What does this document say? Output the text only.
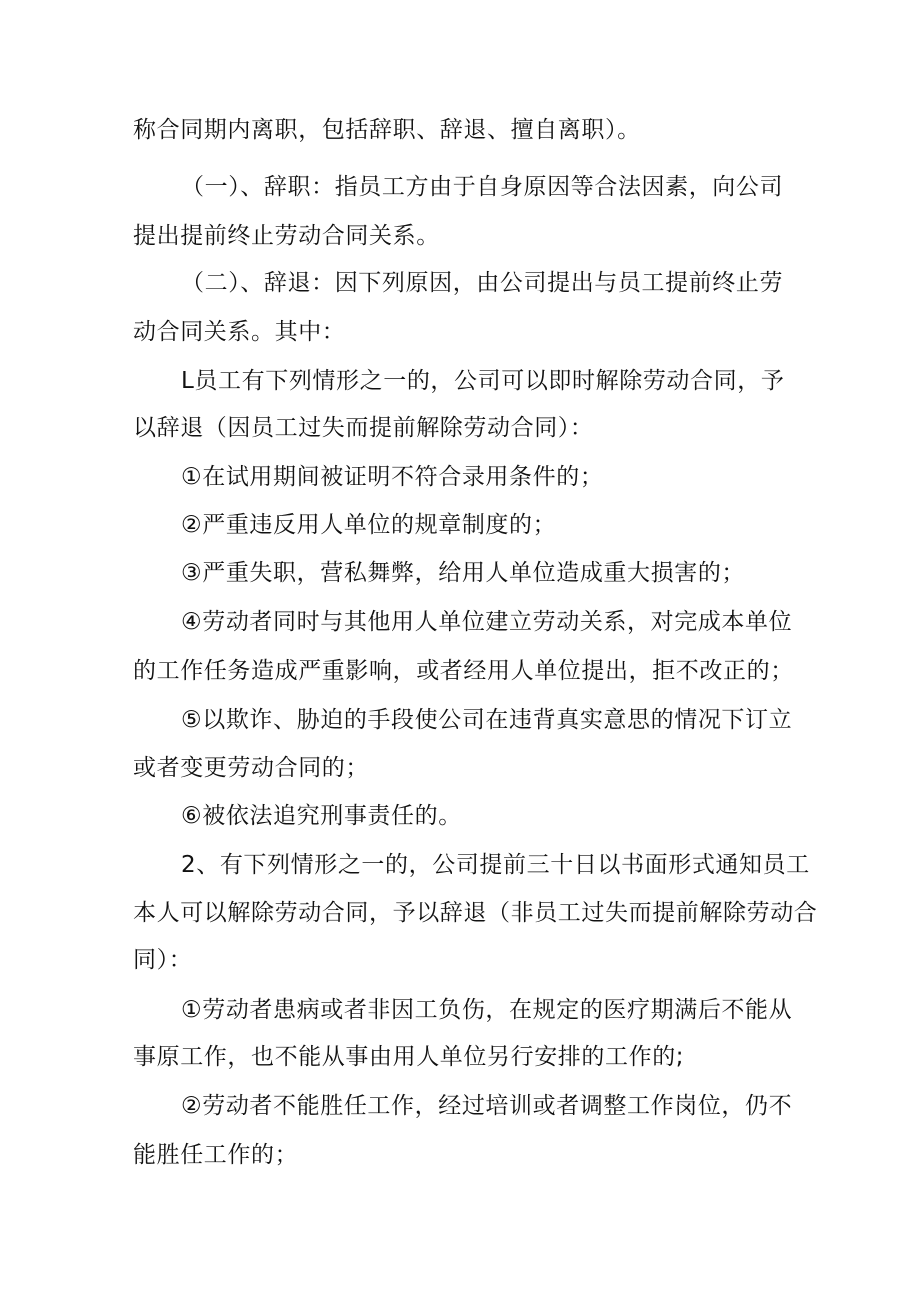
称合同期内离职，包括辞职、辞退、擅自离职）。
（一）、辞职：指员工方由于自身原因等合法因素，向公司
提出提前终止劳动合同关系。
（二）、辞退：因下列原因，由公司提出与员工提前终止劳
动合同关系。其中：
L员工有下列情形之一的，公司可以即时解除劳动合同，予
以辞退（因员工过失而提前解除劳动合同）：
①在试用期间被证明不符合录用条件的；
②严重违反用人单位的规章制度的；
③严重失职，营私舞弊，给用人单位造成重大损害的；
④劳动者同时与其他用人单位建立劳动关系，对完成本单位
的工作任务造成严重影响，或者经用人单位提出，拒不改正的；
⑤以欺诈、胁迫的手段使公司在违背真实意思的情况下订立
或者变更劳动合同的；
⑥被依法追究刑事责任的。
2、有下列情形之一的，公司提前三十日以书面形式通知员工
本人可以解除劳动合同，予以辞退（非员工过失而提前解除劳动合
同）：
①劳动者患病或者非因工负伤，在规定的医疗期满后不能从
事原工作，也不能从事由用人单位另行安排的工作的;
②劳动者不能胜任工作，经过培训或者调整工作岗位，仍不
能胜任工作的；
